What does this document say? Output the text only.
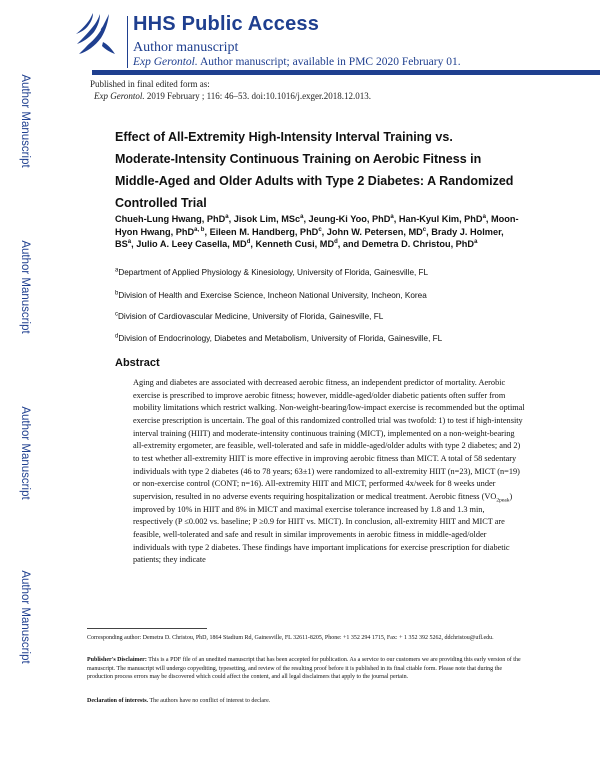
HHS Public Access
Author manuscript
Exp Gerontol. Author manuscript; available in PMC 2020 February 01.
Author Manuscript
Author Manuscript
Author Manuscript
Author Manuscript
Published in final edited form as:
Exp Gerontol. 2019 February ; 116: 46–53. doi:10.1016/j.exger.2018.12.013.
Effect of All-Extremity High-Intensity Interval Training vs. Moderate-Intensity Continuous Training on Aerobic Fitness in Middle-Aged and Older Adults with Type 2 Diabetes: A Randomized Controlled Trial
Chueh-Lung Hwang, PhD$^a$, Jisok Lim, MSc$^a$, Jeung-Ki Yoo, PhD$^a$, Han-Kyul Kim, PhD$^a$, Moon-Hyon Hwang, PhD$^{a, b}$, Eileen M. Handberg, PhD$^c$, John W. Petersen, $MD^c$, Brady J. Holmer, $BS^a$, Julio A. Leey Casella, $MD^d$, Kenneth Cusi, $MD^d$, and Demetra D. Christou, PhD$^a$
$^a$Department of Applied Physiology & Kinesiology, University of Florida, Gainesville, FL
$^b$Division of Health and Exercise Science, Incheon National University, Incheon, Korea
$^c$Division of Cardiovascular Medicine, University of Florida, Gainesville, FL
$^d$Division of Endocrinology, Diabetes and Metabolism, University of Florida, Gainesville, FL
Abstract
Aging and diabetes are associated with decreased aerobic fitness, an independent predictor of mortality. Aerobic exercise is prescribed to improve aerobic fitness; however, middle-aged/older diabetic patients often suffer from mobility limitations which restrict walking. Non-weight-bearing/low-impact exercise is recommended but the optimal exercise prescription is uncertain. The goal of this randomized controlled trial was twofold: 1) to test if high-intensity interval training (HIIT) and moderate-intensity continuous training (MICT), implemented on a non-weight-bearing all-extremity ergometer, are feasible, well-tolerated and safe in middle-aged/older adults with type 2 diabetes; and 2) to test whether all-extremity HIIT is more effective in improving aerobic fitness than MICT. A total of 58 sedentary individuals with type 2 diabetes (46 to 78 years; 63±1) were randomized to all-extremity HIIT (n=23), MICT (n=19) or non-exercise control (CONT; n=16). All-extremity HIIT and MICT, performed 4x/week for 8 weeks under supervision, resulted in no adverse events requiring hospitalization or medical treatment. Aerobic fitness $(VO_{2peak})$ improved by 10% in HIIT and 8% in MICT and maximal exercise tolerance increased by 1.8 and 1.3 min, respectively (P ≤0.002 vs. baseline; P ≥0.9 for HIIT vs. MICT). In conclusion, all-extremity HIIT and MICT are feasible, well-tolerated and safe and result in similar improvements in aerobic fitness in middle-aged/older individuals with type 2 diabetes. These findings have important implications for exercise prescription for diabetic patients; they indicate
Corresponding author: Demetra D. Christou, PhD, 1864 Stadium Rd, Gainesville, FL 32611-8205, Phone: +1 352 294 1715, Fax: + 1 352 392 5262, ddchristou@ufl.edu.
Publisher's Disclaimer: This is a PDF file of an unedited manuscript that has been accepted for publication. As a service to our customers we are providing this early version of the manuscript. The manuscript will undergo copyediting, typesetting, and review of the resulting proof before it is published in its final citable form. Please note that during the production process errors may be discovered which could affect the content, and all legal disclaimers that apply to the journal pertain.
Declaration of interests. The authors have no conflict of interest to declare.
